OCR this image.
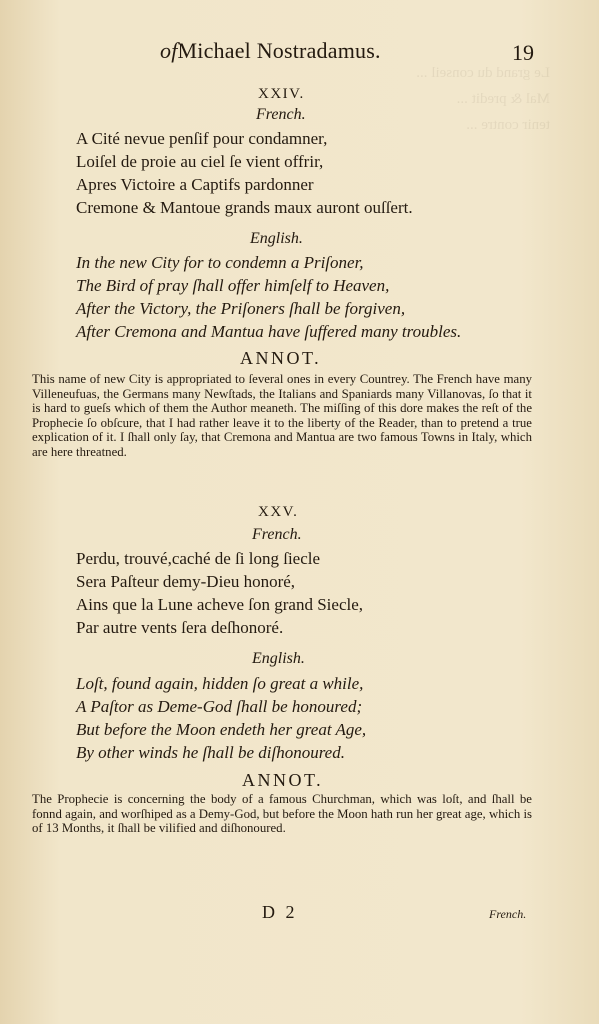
Le grand du conseil ...
Mal & predit ...
tenir contre ...
ofMichael Nostradamus.	19
XXIV.
French.
A Cité nevue penſif pour condamner,
Loiſel de proie au ciel ſe vient offrir,
Apres Victoire a Captifs pardonner
Cremone & Mantoue grands maux auront ouſſert.
English.
In the new City for to condemn a Priſoner,
The Bird of pray ſhall offer himſelf to Heaven,
After the Victory, the Priſoners ſhall be forgiven,
After Cremona and Mantua have ſuffered many troubles.
ANNOT.
This name of new City is appropriated to ſeveral ones in every Countrey. The French have many Villeneufuas, the Germans many Newſtads, the Italians and Spaniards many Villanovas, ſo that it is hard to gueſs which of them the Author meaneth. The miſſing of this dore makes the reſt of the Prophecie ſo obſcure, that I had rather leave it to the liberty of the Reader, than to pretend a true explication of it. I ſhall only ſay, that Cremona and Mantua are two famous Towns in Italy, which are here threatned.
XXV.
French.
Perdu, trouvé,caché de ſi long ſiecle
Sera Paſteur demy-Dieu honoré,
Ains que la Lune acheve ſon grand Siecle,
Par autre vents ſera deſhonoré.
English.
Loſt, found again, hidden ſo great a while,
A Paſtor as Deme-God ſhall be honoured;
But before the Moon endeth her great Age,
By other winds he ſhall be diſhonoured.
ANNOT.
The Prophecie is concerning the body of a famous Churchman, which was loſt, and ſhall be fonnd again, and worſhiped as a Demy-God, but before the Moon hath run her great age, which is of 13 Months, it ſhall be vilified and diſhonoured.
D 2	French.
